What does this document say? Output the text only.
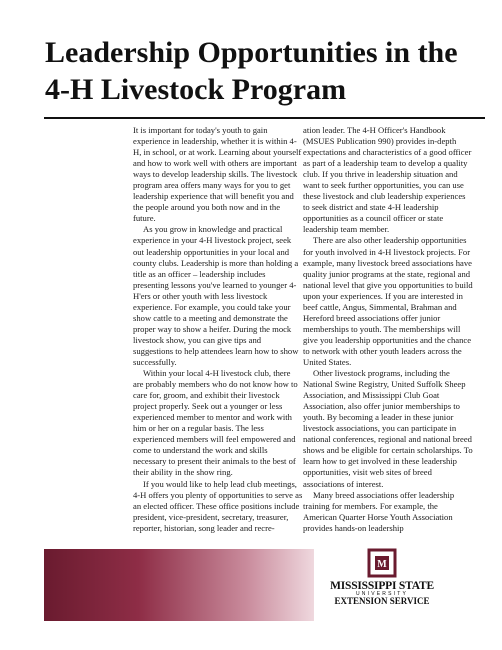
Leadership Opportunities in the 4-H Livestock Program

It is important for today's youth to gain experience in leadership, whether it is within 4-H, in school, or at work. Learning about yourself and how to work well with others are important ways to develop leadership skills. The livestock program area offers many ways for you to get leadership experience that will benefit you and the people around you both now and in the future.

As you grow in knowledge and practical experience in your 4-H livestock project, seek out leadership opportunities in your local and county clubs. Leadership is more than holding a title as an officer – leadership includes presenting lessons you've learned to younger 4-H'ers or other youth with less livestock experience. For example, you could take your show cattle to a meeting and demonstrate the proper way to show a heifer. During the mock livestock show, you can give tips and suggestions to help attendees learn how to show successfully.

Within your local 4-H livestock club, there are probably members who do not know how to care for, groom, and exhibit their livestock project properly. Seek out a younger or less experienced member to mentor and work with him or her on a regular basis. The less experienced members will feel empowered and come to understand the work and skills necessary to present their animals to the best of their ability in the show ring.

If you would like to help lead club meetings, 4-H offers you plenty of opportunities to serve as an elected officer. These office positions include president, vice-president, secretary, treasurer, reporter, historian, song leader and recre-

ation leader. The 4-H Officer's Handbook (MSUES Publication 990) provides in-depth expectations and characteristics of a good officer as part of a leadership team to develop a quality club. If you thrive in leadership situation and want to seek further opportunities, you can use these livestock and club leadership experiences to seek district and state 4-H leadership opportunities as a council officer or state leadership team member.

There are also other leadership opportunities for youth involved in 4-H livestock projects. For example, many livestock breed associations have quality junior programs at the state, regional and national level that give you opportunities to build upon your experiences. If you are interested in beef cattle, Angus, Simmental, Brahman and Hereford breed associations offer junior memberships to youth. The memberships will give you leadership opportunities and the chance to network with other youth leaders across the United States.

Other livestock programs, including the National Swine Registry, United Suffolk Sheep Association, and Mississippi Club Goat Association, also offer junior memberships to youth. By becoming a leader in these junior livestock associations, you can participate in national conferences, regional and national breed shows and be eligible for certain scholarships. To learn how to get involved in these leadership opportunities, visit web sites of breed associations of interest.

Many breed associations offer leadership training for members. For example, the American Quarter Horse Youth Association provides hands-on leadership

M
MISSISSIPPI STATE
UNIVERSITY
EXTENSION SERVICE
